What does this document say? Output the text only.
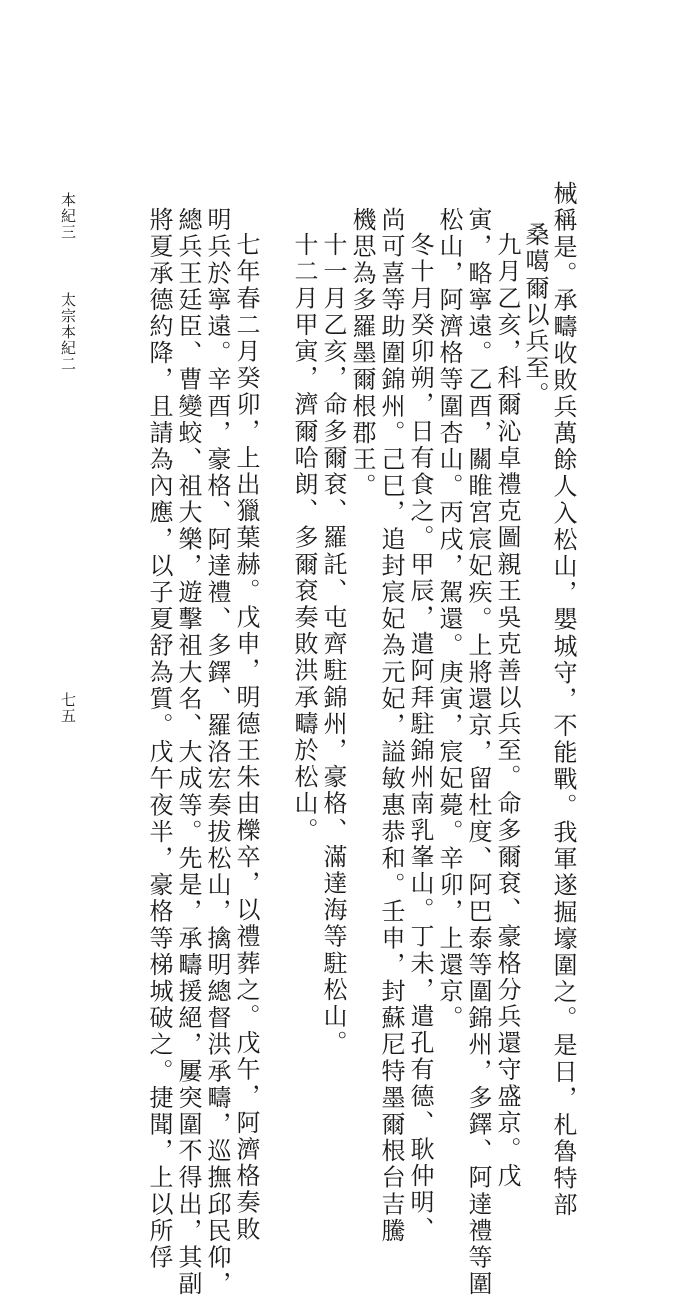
械稱是。承疇收敗兵萬餘人入松山，嬰城守，不能戰。我軍遂掘壕圍之。是日，札魯特部
桑噶爾以兵至。
九月乙亥，科爾沁卓禮克圖親王吳克善以兵至。命多爾袞、豪格分兵還守盛京。戊
寅，略寧遠。乙酉，關睢宮宸妃疾。上將還京，留杜度、阿巴泰等圍錦州，多鐸、阿達禮等圍
松山，阿濟格等圍杏山。丙戌，駕還。庚寅，宸妃薨。辛卯，上還京。
冬十月癸卯朔，日有食之。甲辰，遣阿拜駐錦州南乳峯山。丁未，遣孔有德、耿仲明、
尚可喜等助圍錦州。己巳，追封宸妃為元妃，謚敏惠恭和。壬申，封蘇尼特墨爾根台吉騰
機思為多羅墨爾根郡王。
十一月乙亥，命多爾袞、羅託、屯齊駐錦州，豪格、滿達海等駐松山。
十二月甲寅，濟爾哈朗、多爾袞奏敗洪承疇於松山。
七年春二月癸卯，上出獵葉赫。戊申，明德王朱由櫟卒，以禮葬之。戊午，阿濟格奏敗
明兵於寧遠。辛酉，豪格、阿達禮、多鐸、羅洛宏奏拔松山，擒明總督洪承疇，巡撫邱民仰，
總兵王廷臣、曹變蛟、祖大樂，遊擊祖大名、大成等。先是，承疇援絕，屢突圍不得出，其副
將夏承德約降，且請為內應，以子夏舒為質。戊午夜半，豪格等梯城破之。捷聞，上以所俘
本紀三
太宗本紀二
七五
